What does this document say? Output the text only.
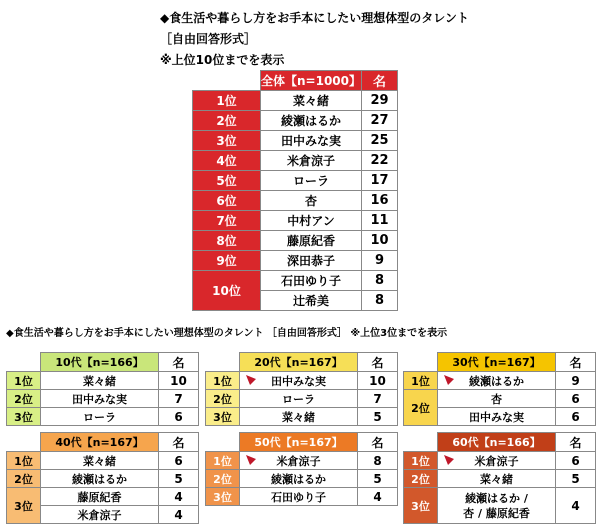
◆食生活や暮らし方をお手本にしたい理想体型のタレント
［自由回答形式］
※上位10位までを表示
	全体【n=1000】	名
1位	菜々緒	29
2位	綾瀬はるか	27
3位	田中みな実	25
4位	米倉涼子	22
5位	ローラ	17
6位	杏	16
7位	中村アン	11
8位	藤原紀香	10
9位	深田恭子	9
10位	石田ゆり子	8
	辻希美	8
◆食生活や暮らし方をお手本にしたい理想体型のタレント ［自由回答形式］ ※上位3位までを表示
	10代【n=166】	名
1位	菜々緒	10
2位	田中みな実	7
3位	ローラ	6
	20代【n=167】	名
1位	田中みな実	10
2位	ローラ	7
3位	菜々緒	5
	30代【n=167】	名
1位	綾瀬はるか	9
2位	杏	6
	田中みな実	6
	40代【n=167】	名
1位	菜々緒	6
2位	綾瀬はるか	5
3位	藤原紀香	4
	米倉涼子	4
	50代【n=167】	名
1位	米倉涼子	8
2位	綾瀬はるか	5
3位	石田ゆり子	4
	60代【n=166】	名
1位	米倉涼子	6
2位	菜々緒	5
3位	綾瀬はるか /
杏 / 藤原紀香	4
